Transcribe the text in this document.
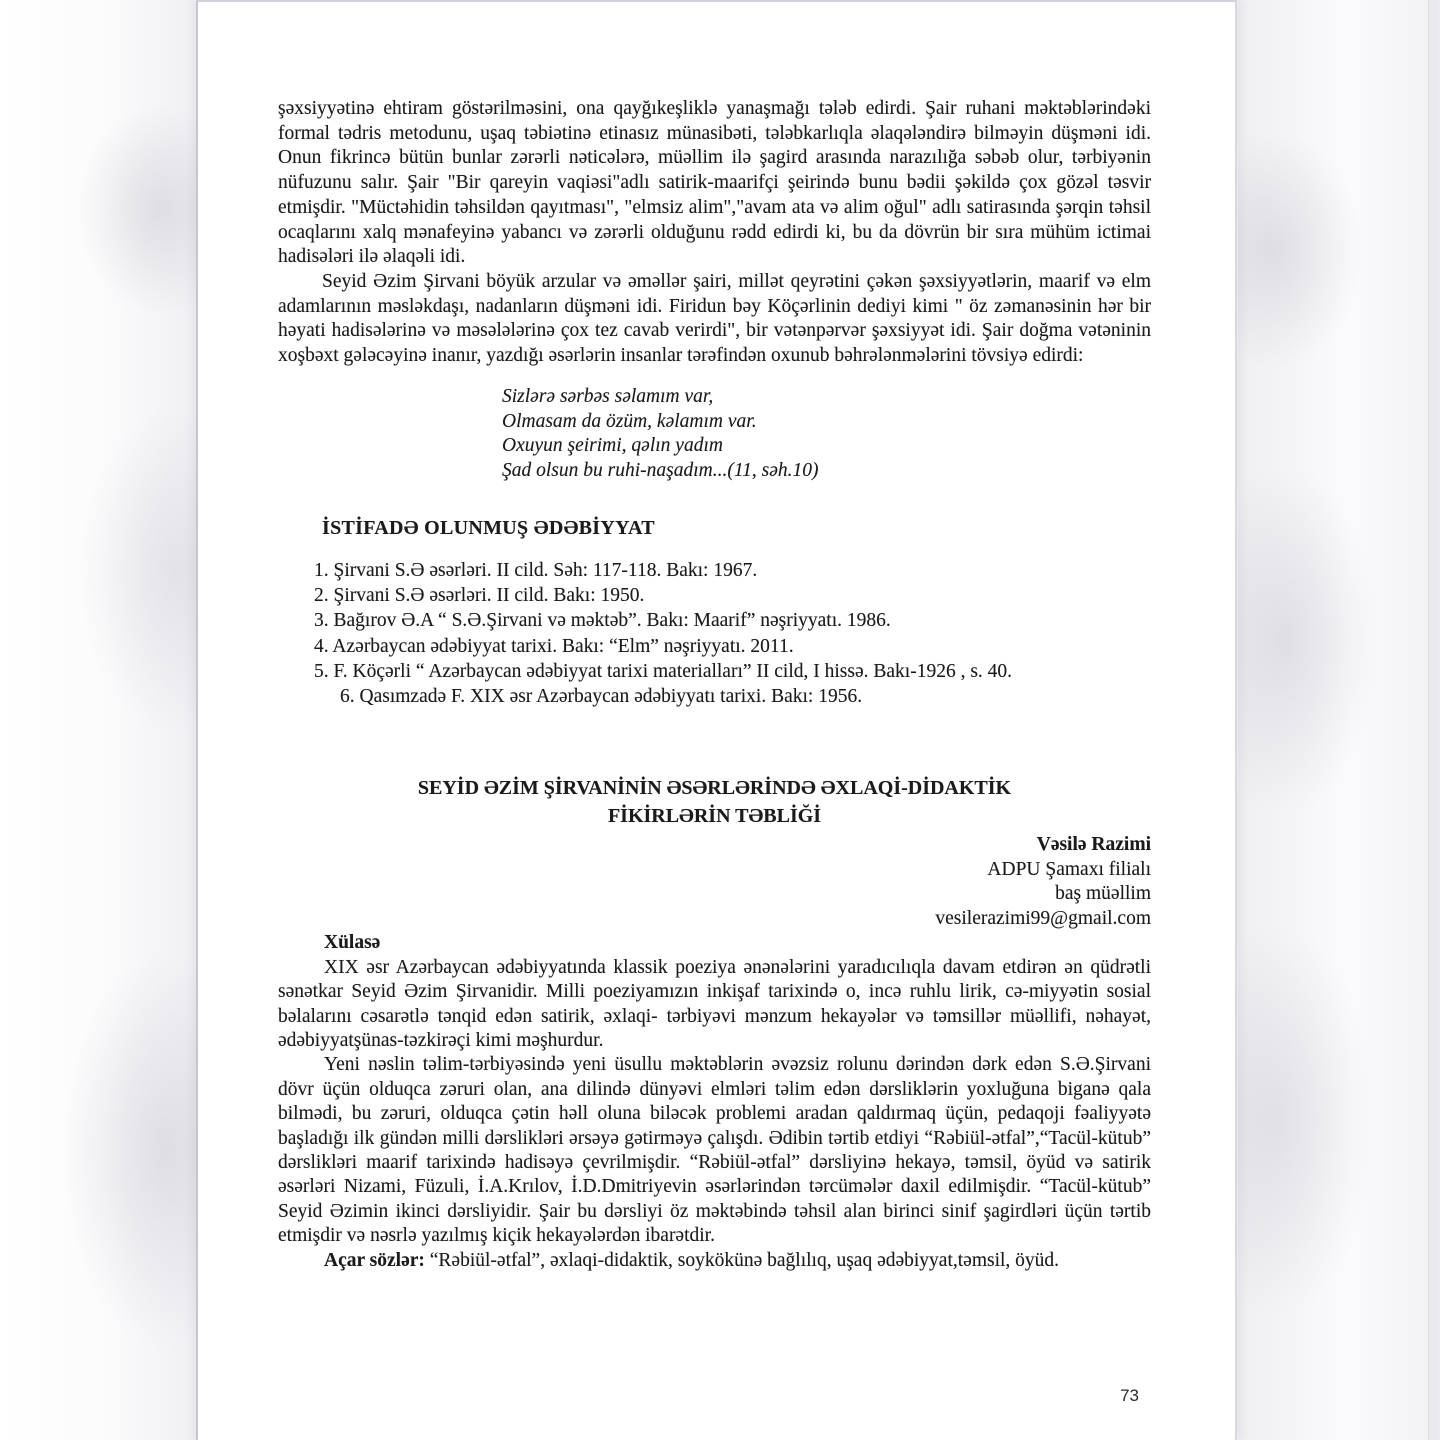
şəxsiyyətinə ehtiram göstərilməsini, ona qayğıkeşliklə yanaşmağı tələb edirdi. Şair ruhani məktəblərindəki formal tədris metodunu, uşaq təbiətinə etinasız münasibəti, tələbkarlıqla əlaqələndirə bilməyin düşməni idi. Onun fikrincə bütün bunlar zərərli nəticələrə, müəllim ilə şagird arasında narazılığa səbəb olur, tərbiyənin nüfuzunu salır. Şair "Bir qareyin vaqiəsi"adlı satirik-maarifçi şeirində bunu bədii şəkildə çox gözəl təsvir etmişdir. "Müctəhidin təhsildən qayıtması", "elmsiz alim","avam ata və alim oğul" adlı satirasında şərqin təhsil ocaqlarını xalq mənafeyinə yabancı və zərərli olduğunu rədd edirdi ki, bu da dövrün bir sıra mühüm ictimai hadisələri ilə əlaqəli idi.

Seyid Əzim Şirvani böyük arzular və əməllər şairi, millət qeyrətini çəkən şəxsiyyətlərin, maarif və elm adamlarının məsləkdaşı, nadanların düşməni idi. Firidun bəy Köçərlinin dediyi kimi " öz zəmanəsinin hər bir həyati hadisələrinə və məsələlərinə çox tez cavab verirdi", bir vətənpərvər şəxsiyyət idi. Şair doğma vətəninin xoşbəxt gələcəyinə inanır, yazdığı əsərlərin insanlar tərəfindən oxunub bəhrələnmələrini tövsiyə edirdi:

Sizlərə sərbəs səlamım var,
Olmasam da özüm, kəlamım var.
Oxuyun şeirimi, qəlın yadım
Şad olsun bu ruhi-naşadım...(11, səh.10)
İSTİFADƏ OLUNMUŞ ƏDƏBİYYAT
1. Şirvani S.Ə əsərləri. II cild. Səh: 117-118. Bakı: 1967.
2. Şirvani S.Ə əsərləri. II cild. Bakı: 1950.
3. Bağırov Ə.A “ S.Ə.Şirvani və məktəb”. Bakı: Maarif” nəşriyyatı. 1986.
4. Azərbaycan ədəbiyyat tarixi. Bakı: “Elm” nəşriyyatı. 2011.
5. F. Köçərli “ Azərbaycan ədəbiyyat tarixi materialları” II cild, I hissə. Bakı-1926 , s. 40.
6. Qasımzadə F. XIX əsr Azərbaycan ədəbiyyatı tarixi. Bakı: 1956.
SEYİD ƏZİM ŞİRVANİNİN ƏSƏRLƏRİNDƏ ƏXLAQİ-DİDAKTİK
FİKİRLƏRİN TƏBLİĞİ
Vəsilə Razimi
ADPU Şamaxı filialı
baş müəllim
vesilerazimi99@gmail.com
Xülasə

XIX əsr Azərbaycan ədəbiyyatında klassik poeziya ənənələrini yaradıcılıqla davam etdirən ən qüdrətli sənətkar Seyid Əzim Şirvanidir. Milli poeziyamızın inkişaf tarixində o, incə ruhlu lirik, cə-miyyətin sosial bəlalarını cəsarətlə tənqid edən satirik, əxlaqi- tərbiyəvi mənzum hekayələr və təmsillər müəllifi, nəhayət, ədəbiyyatşünas-təzkirəçi kimi məşhurdur.

Yeni nəslin təlim-tərbiyəsində yeni üsullu məktəblərin əvəzsiz rolunu dərindən dərk edən S.Ə.Şirvani dövr üçün olduqca zəruri olan, ana dilində dünyəvi elmləri təlim edən dərsliklərin yoxluğuna biganə qala bilmədi, bu zəruri, olduqca çətin həll oluna biləcək problemi aradan qaldırmaq üçün, pedaqoji fəaliyyətə başladığı ilk gündən milli dərslikləri ərsəyə gətirməyə çalışdı. Ədibin tərtib etdiyi “Rəbiül-ətfal”,“Tacül-kütub” dərslikləri maarif tarixində hadisəyə çevrilmişdir. “Rəbiül-ətfal” dərsliyinə hekayə, təmsil, öyüd və satirik əsərləri Nizami, Füzuli, İ.A.Krılov, İ.D.Dmitriyevin əsərlərindən tərcümələr daxil edilmişdir. “Tacül-kütub” Seyid Əzimin ikinci dərsliyidir. Şair bu dərsliyi öz məktəbində təhsil alan birinci sinif şagirdləri üçün tərtib etmişdir və nəsrlə yazılmış kiçik hekayələrdən ibarətdir.

Açar sözlər: “Rəbiül-ətfal”, əxlaqi-didaktik, soykökünə bağlılıq, uşaq ədəbiyyat,təmsil, öyüd.

73
